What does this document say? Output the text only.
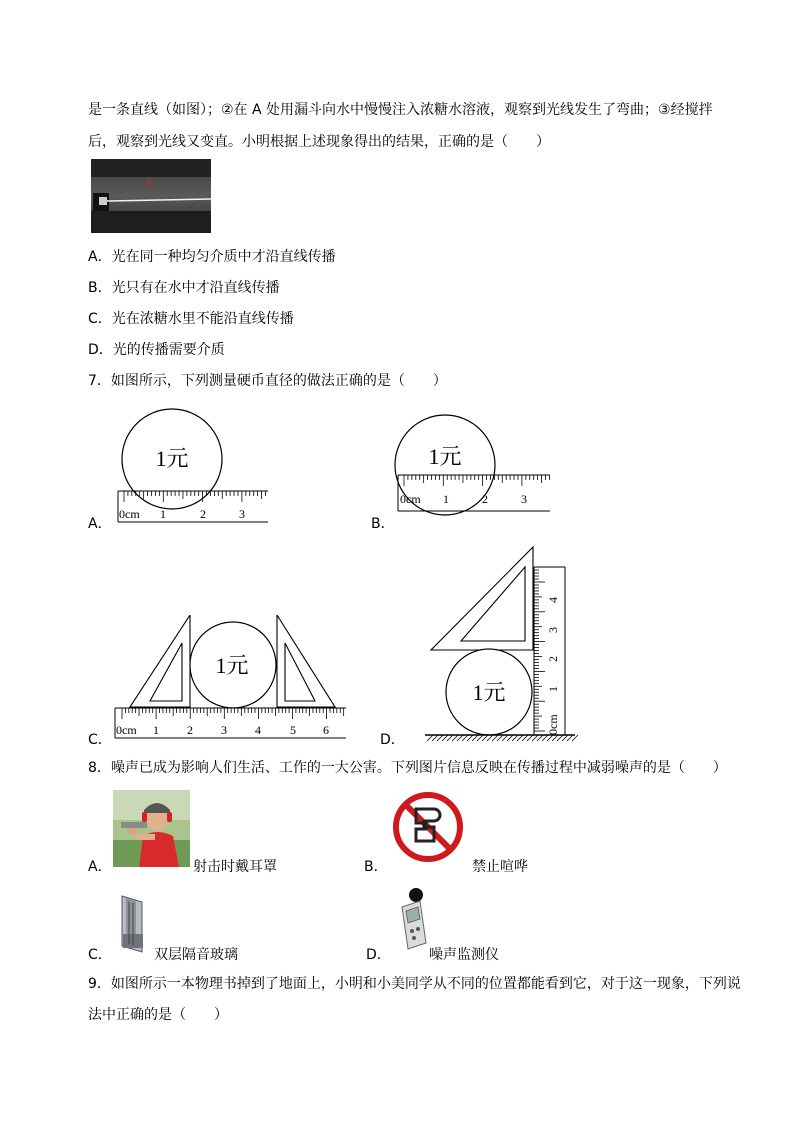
是一条直线（如图）；②在 A 处用漏斗向水中慢慢注入浓糖水溶液，观察到光线发生了弯曲；③经搅拌
后，观察到光线又变直。小明根据上述现象得出的结果，正确的是（　　）
A
A．光在同一种均匀介质中才沿直线传播
B．光只有在水中才沿直线传播
C．光在浓糖水里不能沿直线传播
D．光的传播需要介质
7．如图所示，下列测量硬币直径的做法正确的是（　　）
1元
0cm 1	2	3
A．
1元
0cm 1	2	3
B．
1元
0cm 1 2 3 4 5 6
C．
1元
0cm
1
2
3
4
D．
8．噪声已成为影响人们生活、工作的一大公害。下列图片信息反映在传播过程中减弱噪声的是（　　）
A．	射击时戴耳罩	B．	禁止喧哗
C．	双层隔音玻璃	D．	噪声监测仪
9．如图所示一本物理书掉到了地面上，小明和小美同学从不同的位置都能看到它，对于这一现象，下列说
法中正确的是（　　）
